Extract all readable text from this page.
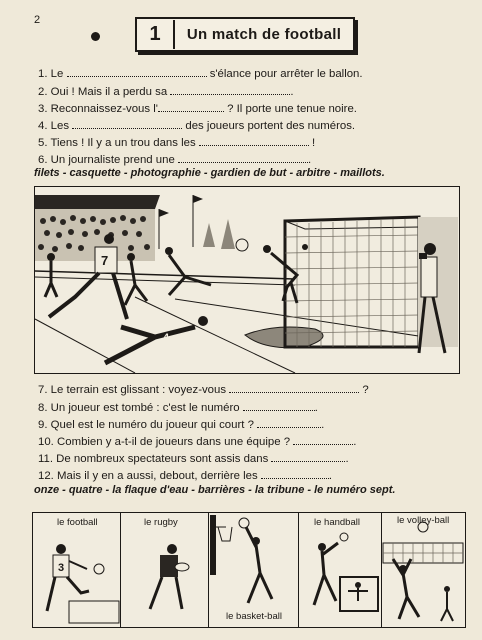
2
1	Un match de football
1. Le	s'élance pour arrêter le ballon.
2. Oui ! Mais il a perdu sa	.
3. Reconnaissez-vous l'	? Il porte une tenue noire.
4. Les	des joueurs portent des numéros.
5. Tiens ! Il y a un trou dans les	!
6. Un journaliste prend une	.
filets - casquette - photographie - gardien de but - arbitre - maillots.
7
4
7. Le terrain est glissant : voyez-vous	?
8. Un joueur est tombé : c'est le numéro	.
9. Quel est le numéro du joueur qui court ?	.
10. Combien y a-t-il de joueurs dans une équipe ?	.
11. De nombreux spectateurs sont assis dans	.
12. Mais il y en a aussi, debout, derrière les	.
onze - quatre - la flaque d'eau - barrières - la tribune - le numéro sept.
le football
3
le rugby
le basket-ball
le handball	le volley-ball
